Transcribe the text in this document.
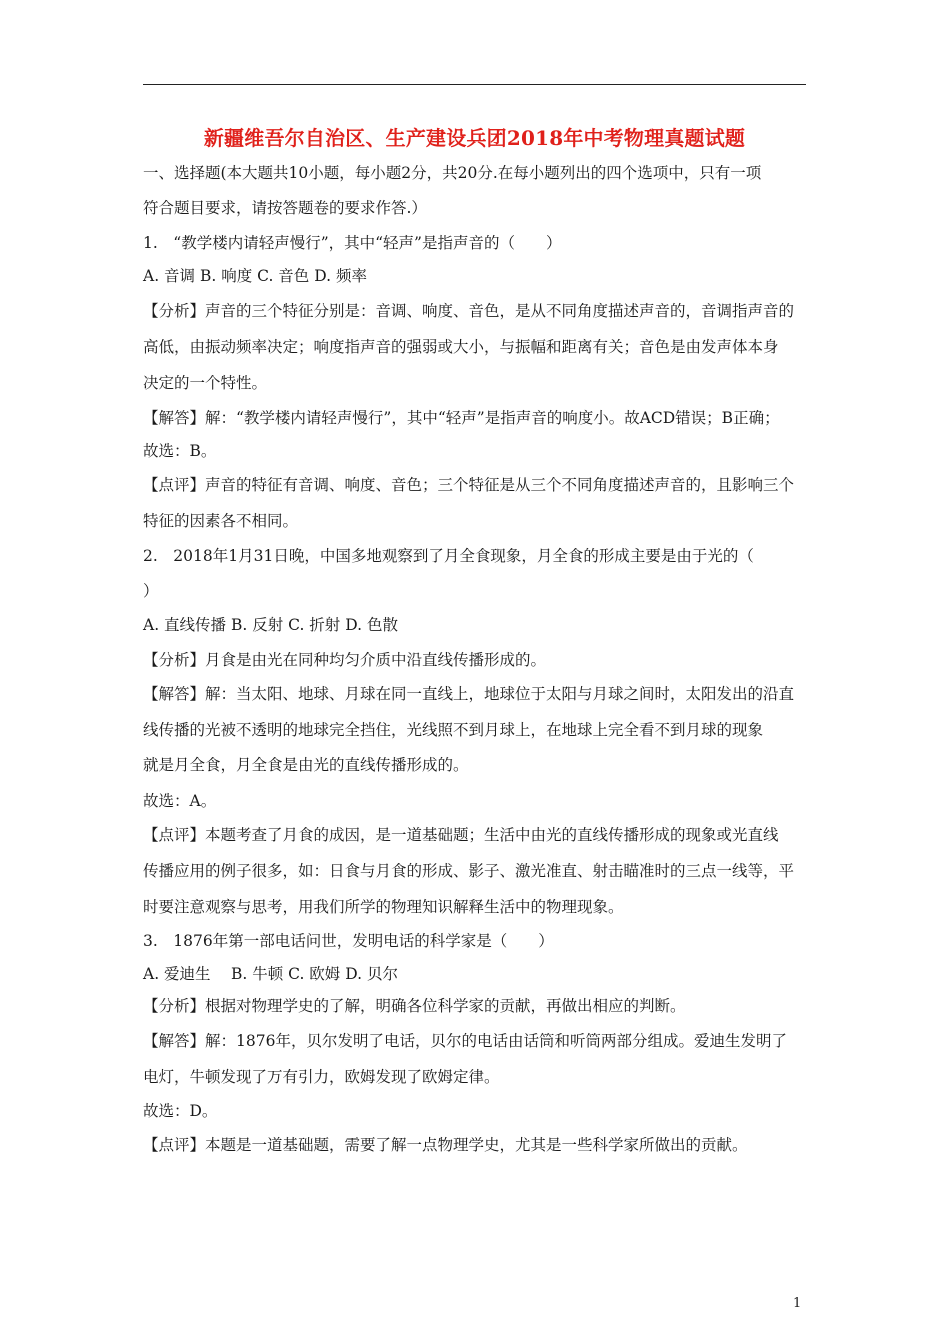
新疆维吾尔自治区、生产建设兵团2018年中考物理真题试题
一、选择题(本大题共10小题，每小题2分，共20分.在每小题列出的四个选项中，只有一项
符合题目要求，请按答题卷的要求作答.）
1.　“教学楼内请轻声慢行”，其中“轻声”是指声音的（　　）
A. 音调 B. 响度 C. 音色 D. 频率
【分析】声音的三个特征分别是：音调、响度、音色，是从不同角度描述声音的，音调指声音的
高低，由振动频率决定；响度指声音的强弱或大小，与振幅和距离有关；音色是由发声体本身
决定的一个特性。
【解答】解：“教学楼内请轻声慢行”，其中“轻声”是指声音的响度小。故ACD错误；B正确；
故选：B。
【点评】声音的特征有音调、响度、音色；三个特征是从三个不同角度描述声音的，且影响三个
特征的因素各不相同。
2.　2018年1月31日晚，中国多地观察到了月全食现象，月全食的形成主要是由于光的（
）
A. 直线传播 B. 反射 C. 折射 D. 色散
【分析】月食是由光在同种均匀介质中沿直线传播形成的。
【解答】解：当太阳、地球、月球在同一直线上，地球位于太阳与月球之间时，太阳发出的沿直
线传播的光被不透明的地球完全挡住，光线照不到月球上，在地球上完全看不到月球的现象
就是月全食，月全食是由光的直线传播形成的。
故选：A。
【点评】本题考查了月食的成因，是一道基础题；生活中由光的直线传播形成的现象或光直线
传播应用的例子很多，如：日食与月食的形成、影子、激光准直、射击瞄准时的三点一线等，平
时要注意观察与思考，用我们所学的物理知识解释生活中的物理现象。
3.　1876年第一部电话问世，发明电话的科学家是（　　）
A. 爱迪生　 B. 牛顿 C. 欧姆 D. 贝尔
【分析】根据对物理学史的了解，明确各位科学家的贡献，再做出相应的判断。
【解答】解：1876年，贝尔发明了电话，贝尔的电话由话筒和听筒两部分组成。爱迪生发明了
电灯，牛顿发现了万有引力，欧姆发现了欧姆定律。
故选：D。
【点评】本题是一道基础题，需要了解一点物理学史，尤其是一些科学家所做出的贡献。
1
